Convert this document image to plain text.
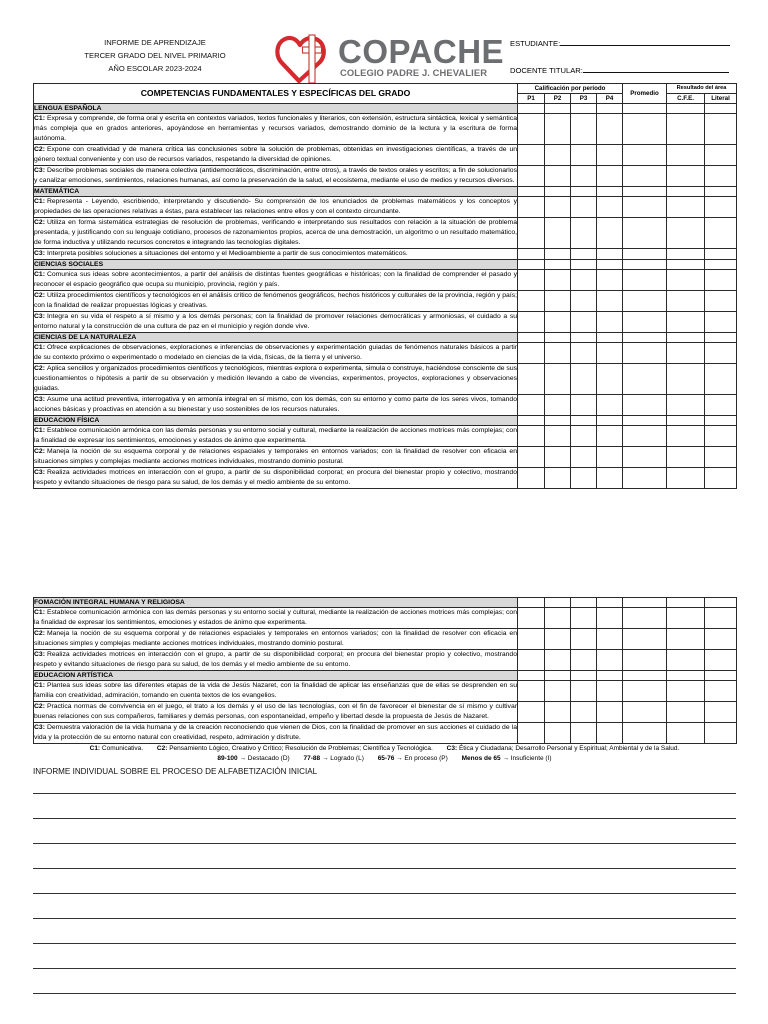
INFORME DE APRENDIZAJE
TERCER GRADO DEL NIVEL PRIMARIO
AÑO ESCOLAR 2023-2024	COPACHE
COLEGIO PADRE J. CHEVALIER
ESTUDIANTE:
DOCENTE TITULAR:
COMPETENCIAS FUNDAMENTALES Y ESPECÍFICAS DEL GRADO	Calificación por período				Promedio	Resultado del área	
	P1	P2	P3	P4		C.F.E.	Literal
LENGUA ESPAÑOLA							
C1: Expresa y comprende, de forma oral y escrita en contextos variados, textos funcionales y literarios, con extensión, estructura sintáctica, lexical y semántica más compleja que en grados anteriores, apoyándose en herramientas y recursos variados, demostrando dominio de la lectura y la escritura de forma autónoma.							
C2: Expone con creatividad y de manera crítica las conclusiones sobre la solución de problemas, obtenidas en investigaciones científicas, a través de un género textual conveniente y con uso de recursos variados, respetando la diversidad de opiniones.							
C3: Describe problemas sociales de manera colectiva (antidemocráticos, discriminación, entre otros), a través de textos orales y escritos; a fin de solucionarlos y canalizar emociones, sentimientos, relaciones humanas, así como la preservación de la salud, el ecosistema, mediante el uso de medios y recursos diversos.							
MATEMÁTICA							
C1: Representa - Leyendo, escribiendo, interpretando y discutiendo- Su comprensión de los enunciados de problemas matemáticos y los conceptos y propiedades de las operaciones relativas a éstas, para establecer las relaciones entre ellos y con el contexto circundante.							
C2: Utiliza en forma sistemática estrategias de resolución de problemas, verificando e interpretando sus resultados con relación a la situación de problema presentada, y justificando con su lenguaje cotidiano, procesos de razonamientos propios, acerca de una demostración, un algoritmo o un resultado matemático, de forma inductiva y utilizando recursos concretos e integrando las tecnologías digitales.							
C3: Interpreta posibles soluciones a situaciones del entorno y el Medioambiente a partir de sus conocimientos matemáticos.							
CIENCIAS SOCIALES							
C1: Comunica sus ideas sobre acontecimientos, a partir del análisis de distintas fuentes geográficas e históricas; con la finalidad de comprender el pasado y reconocer el espacio geográfico que ocupa su municipio, provincia, región y país.							
C2: Utiliza procedimientos científicos y tecnológicos en el análisis crítico de fenómenos geográficos, hechos históricos y culturales de la provincia, región y país; con la finalidad de realizar propuestas lógicas y creativas.							
C3: Integra en su vida el respeto a sí mismo y a los demás personas; con la finalidad de promover relaciones democráticas y armoniosas, el cuidado a su entorno natural y la construcción de una cultura de paz en el municipio y región donde vive.							
CIENCIAS DE LA NATURALEZA							
C1: Ofrece explicaciones de observaciones, exploraciones e inferencias de observaciones y experimentación guiadas de fenómenos naturales básicos a partir de su contexto próximo o experimentado o modelado en ciencias de la vida, físicas, de la tierra y el universo.							
C2: Aplica sencillos y organizados procedimientos científicos y tecnológicos, mientras explora o experimenta, simula o construye, haciéndose consciente de sus cuestionamientos o hipótesis a partir de su observación y medición llevando a cabo de vivencias, experimentos, proyectos, exploraciones y observaciones guiadas.							
C3: Asume una actitud preventiva, interrogativa y en armonía integral en sí mismo, con los demás, con su entorno y como parte de los seres vivos, tomando acciones básicas y proactivas en atención a su bienestar y uso sostenibles de los recursos naturales.							
EDUCACION FÍSICA							
C1: Establece comunicación armónica con las demás personas y su entorno social y cultural, mediante la realización de acciones motrices más complejas; con la finalidad de expresar los sentimientos, emociones y estados de ánimo que experimenta.							
C2: Maneja la noción de su esquema corporal y de relaciones espaciales y temporales en entornos variados; con la finalidad de resolver con eficacia en situaciones simples y complejas mediante acciones motrices individuales, mostrando dominio postural.							
C3: Realiza actividades motrices en interacción con el grupo, a partir de su disponibilidad corporal; en procura del bienestar propio y colectivo, mostrando respeto y evitando situaciones de riesgo para su salud, de los demás y el medio ambiente de su entorno.							
FOMACIÓN INTEGRAL HUMANA Y RELIGIOSA							
C1: Establece comunicación armónica con las demás personas y su entorno social y cultural, mediante la realización de acciones motrices más complejas; con la finalidad de expresar los sentimientos, emociones y estados de ánimo que experimenta.							
C2: Maneja la noción de su esquema corporal y de relaciones espaciales y temporales en entornos variados; con la finalidad de resolver con eficacia en situaciones simples y complejas mediante acciones motrices individuales, mostrando dominio postural.							
C3: Realiza actividades motrices en interacción con el grupo, a partir de su disponibilidad corporal; en procura del bienestar propio y colectivo, mostrando respeto y evitando situaciones de riesgo para su salud, de los demás y el medio ambiente de su entorno.							
EDUCACION ARTÍSTICA							
C1: Plantea sus ideas sobre las diferentes etapas de la vida de Jesús Nazaret, con la finalidad de aplicar las enseñanzas que de ellas se desprenden en su familia con creatividad, admiración, tomando en cuenta textos de los evangelios.							
C2: Practica normas de convivencia en el juego, el trato a los demás y el uso de las tecnologías, con el fin de favorecer el bienestar de sí mismo y cultivar buenas relaciones con sus compañeros, familiares y demás personas, con espontaneidad, empeño y libertad desde la propuesta de Jesús de Nazaret.							
C3: Demuestra valoración de la vida humana y de la creación reconociendo que vienen de Dios, con la finalidad de promover en sus acciones el cuidado de la vida y la protección de su entorno natural con creatividad, respeto, admiración y disfrute.							
C1: Comunicativa. C2: Pensamiento Lógico, Creativo y Crítico; Resolución de Problemas; Científica y Tecnológica. C3: Ética y Ciudadana; Desarrollo Personal y Espiritual; Ambiental y de la Salud.
89-100 → Destacado (D) 77-88 → Logrado (L) 65-76 → En proceso (P) Menos de 65 → Insuficiente (I)
INFORME INDIVIDUAL SOBRE EL PROCESO DE ALFABETIZACIÓN INICIAL
